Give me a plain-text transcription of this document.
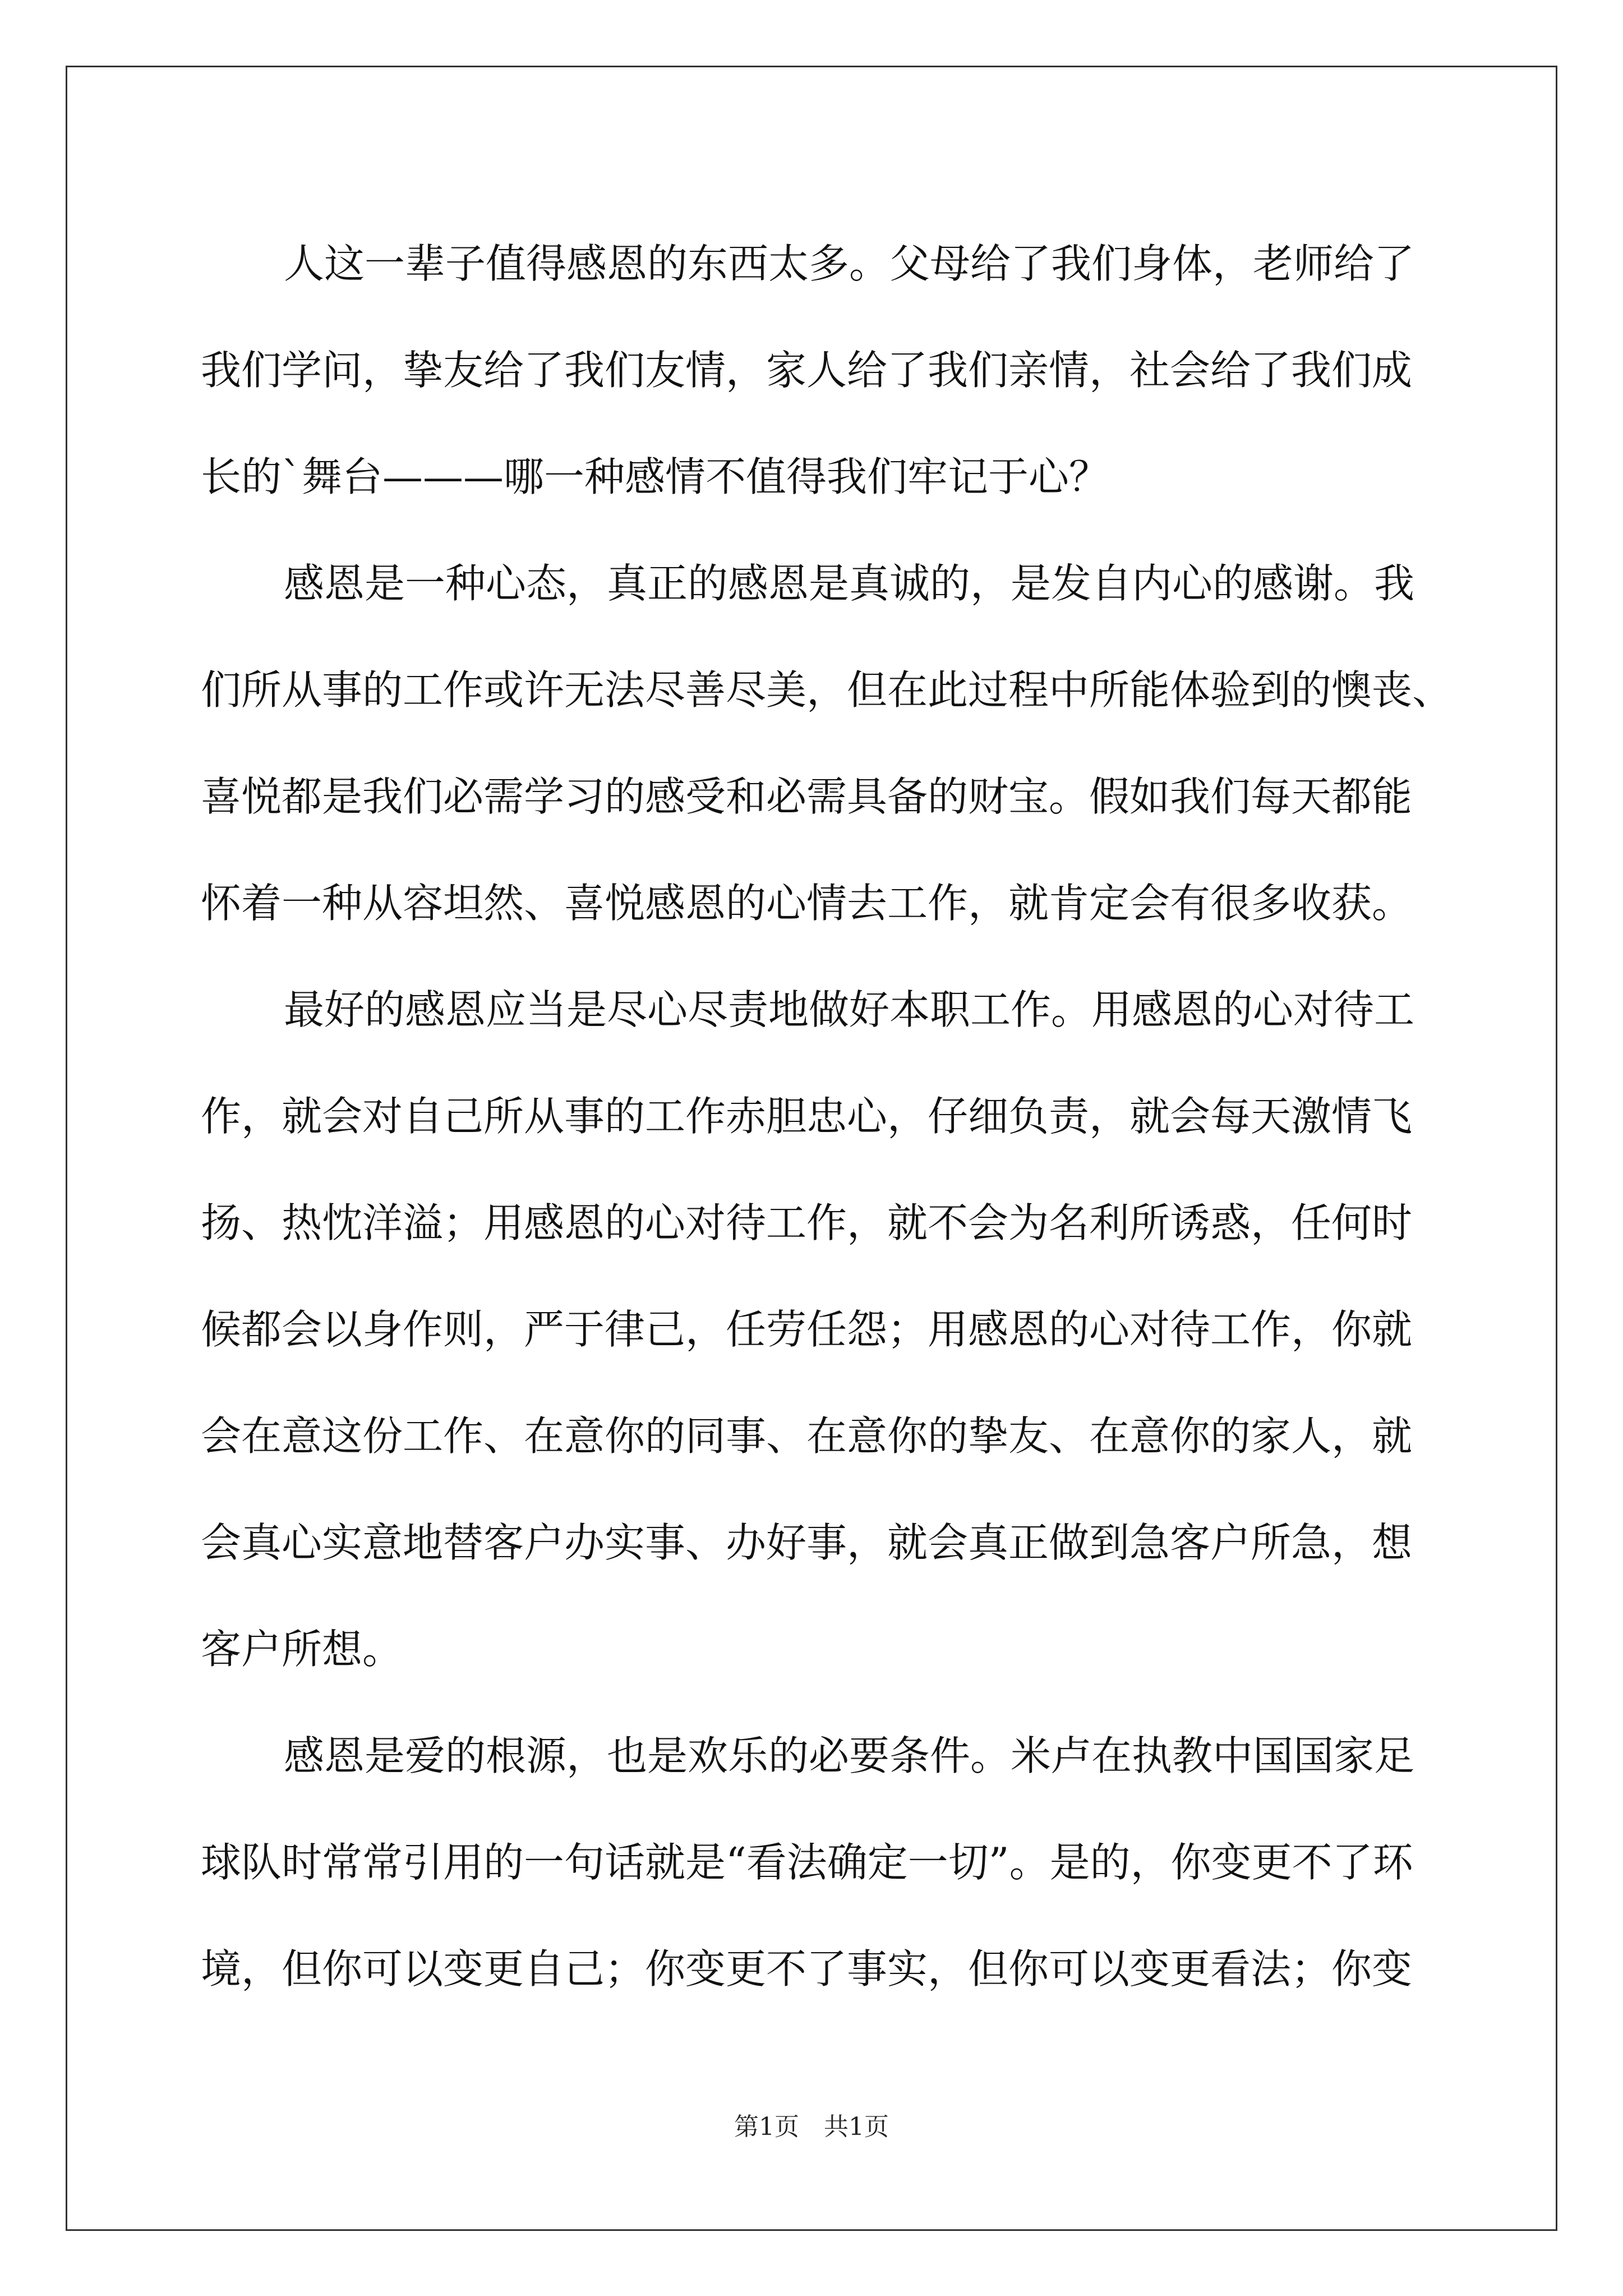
人这一辈子值得感恩的东西太多。父母给了我们身体，老师给了
我们学问，挚友给了我们友情，家人给了我们亲情，社会给了我们成
长的`舞台———哪一种感情不值得我们牢记于心？
感恩是一种心态，真正的感恩是真诚的，是发自内心的感谢。我
们所从事的工作或许无法尽善尽美，但在此过程中所能体验到的懊丧、
喜悦都是我们必需学习的感受和必需具备的财宝。假如我们每天都能
怀着一种从容坦然、喜悦感恩的心情去工作，就肯定会有很多收获。
最好的感恩应当是尽心尽责地做好本职工作。用感恩的心对待工
作，就会对自己所从事的工作赤胆忠心，仔细负责，就会每天激情飞
扬、热忱洋溢；用感恩的心对待工作，就不会为名利所诱惑，任何时
候都会以身作则，严于律己，任劳任怨；用感恩的心对待工作，你就
会在意这份工作、在意你的同事、在意你的挚友、在意你的家人，就
会真心实意地替客户办实事、办好事，就会真正做到急客户所急，想
客户所想。
感恩是爱的根源，也是欢乐的必要条件。米卢在执教中国国家足
球队时常常引用的一句话就是“看法确定一切”。是的，你变更不了环
境，但你可以变更自己；你变更不了事实，但你可以变更看法；你变
第1页　共1页
